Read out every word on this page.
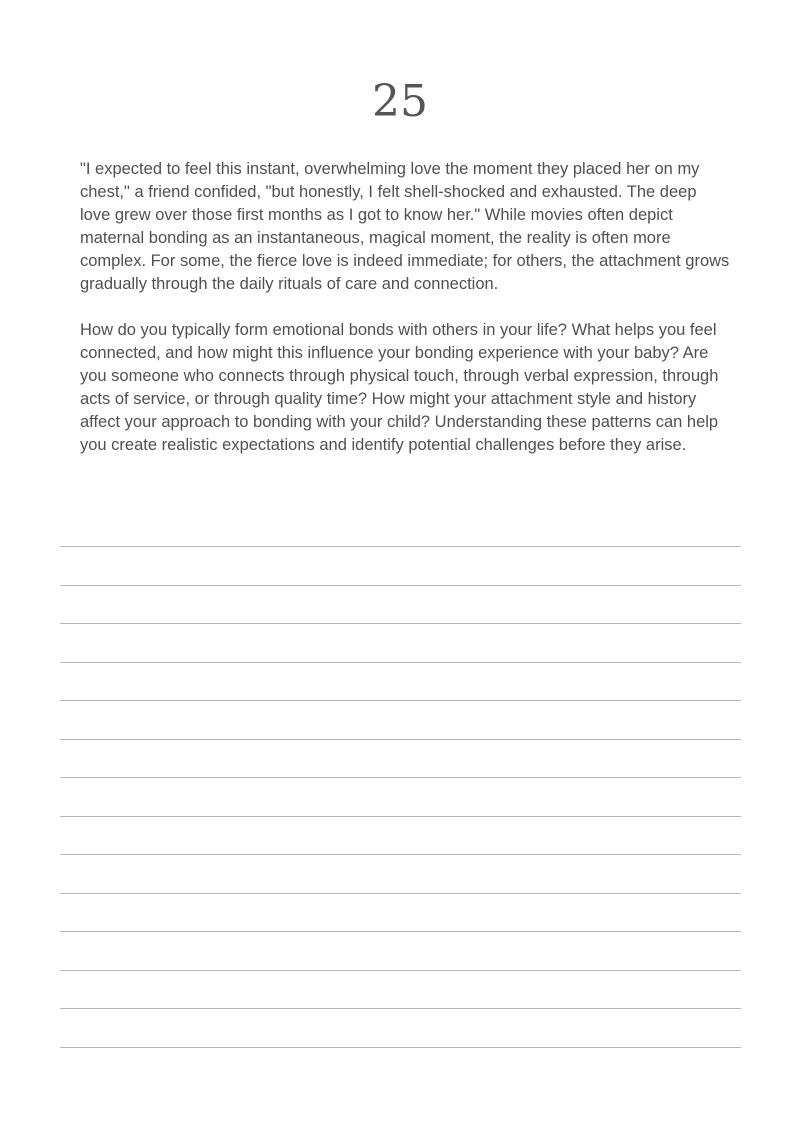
25

"I expected to feel this instant, overwhelming love the moment they placed her on my chest," a friend confided, "but honestly, I felt shell-shocked and exhausted. The deep love grew over those first months as I got to know her." While movies often depict maternal bonding as an instantaneous, magical moment, the reality is often more complex. For some, the fierce love is indeed immediate; for others, the attachment grows gradually through the daily rituals of care and connection.

How do you typically form emotional bonds with others in your life? What helps you feel connected, and how might this influence your bonding experience with your baby? Are you someone who connects through physical touch, through verbal expression, through acts of service, or through quality time? How might your attachment style and history affect your approach to bonding with your child? Understanding these patterns can help you create realistic expectations and identify potential challenges before they arise.
